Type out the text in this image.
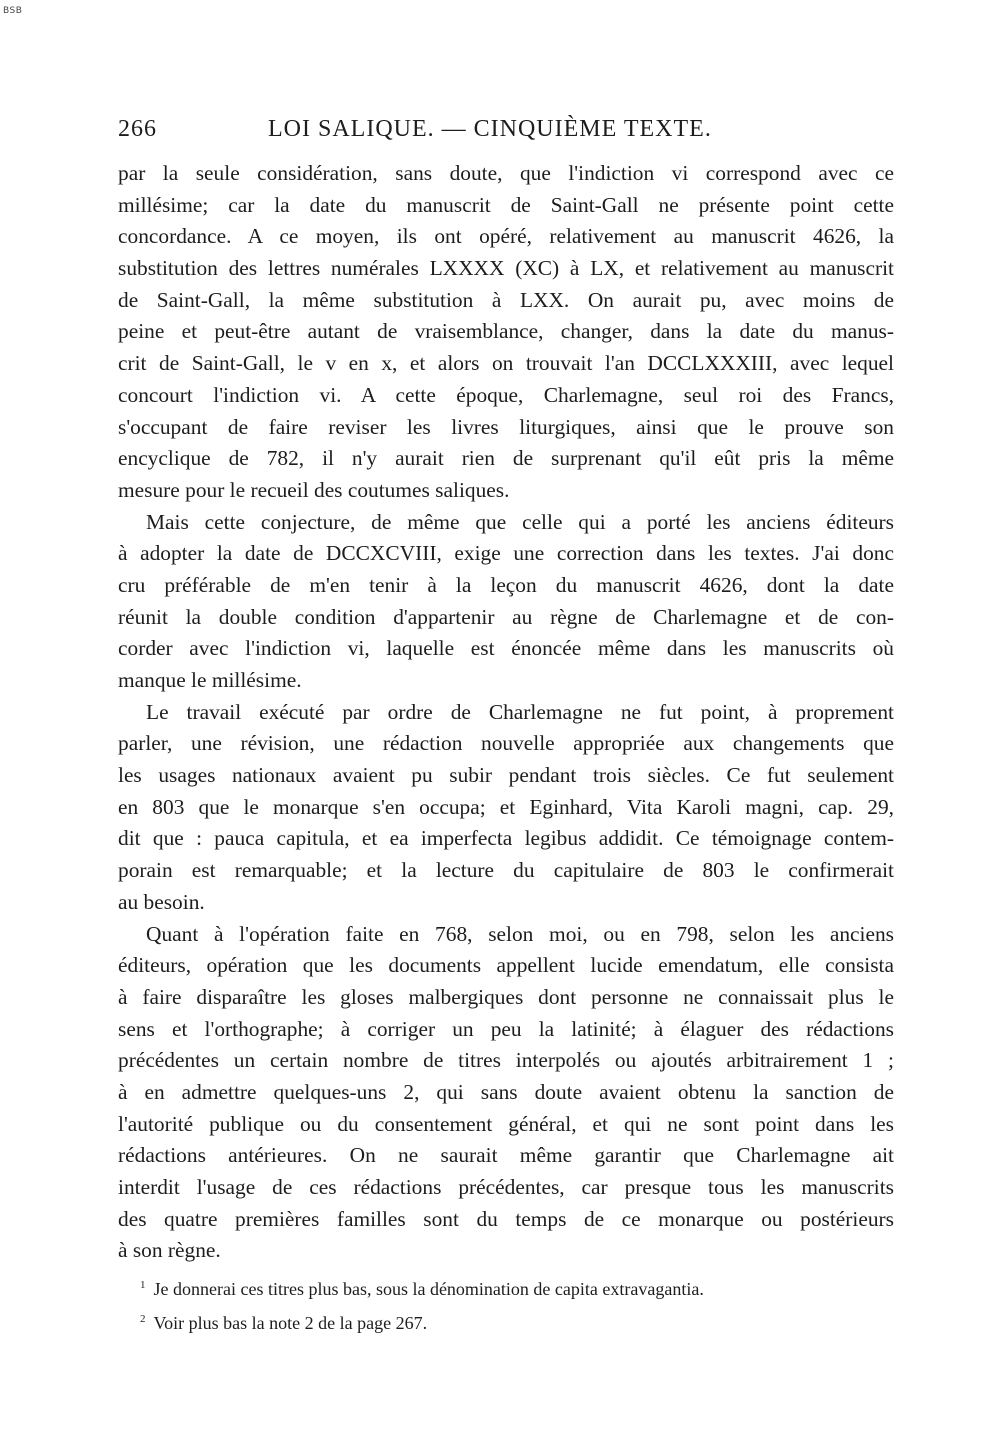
BSB
266	LOI SALIQUE. — CINQUIÈME TEXTE.

par la seule considération, sans doute, que l'indiction vi correspond avec ce
millésime; car la date du manuscrit de Saint-Gall ne présente point cette
concordance. A ce moyen, ils ont opéré, relativement au manuscrit 4626, la
substitution des lettres numérales LXXXX (XC) à LX, et relativement au manuscrit
de Saint-Gall, la même substitution à LXX. On aurait pu, avec moins de
peine et peut-être autant de vraisemblance, changer, dans la date du manus-
crit de Saint-Gall, le v en x, et alors on trouvait l'an DCCLXXXIII, avec lequel
concourt l'indiction vi. A cette époque, Charlemagne, seul roi des Francs,
s'occupant de faire reviser les livres liturgiques, ainsi que le prouve son
encyclique de 782, il n'y aurait rien de surprenant qu'il eût pris la même
mesure pour le recueil des coutumes saliques.

Mais cette conjecture, de même que celle qui a porté les anciens éditeurs
à adopter la date de DCCXCVIII, exige une correction dans les textes. J'ai donc
cru préférable de m'en tenir à la leçon du manuscrit 4626, dont la date
réunit la double condition d'appartenir au règne de Charlemagne et de con-
corder avec l'indiction vi, laquelle est énoncée même dans les manuscrits où
manque le millésime.

Le travail exécuté par ordre de Charlemagne ne fut point, à proprement
parler, une révision, une rédaction nouvelle appropriée aux changements que
les usages nationaux avaient pu subir pendant trois siècles. Ce fut seulement
en 803 que le monarque s'en occupa; et Eginhard, Vita Karoli magni, cap. 29,
dit que : pauca capitula, et ea imperfecta legibus addidit. Ce témoignage contem-
porain est remarquable; et la lecture du capitulaire de 803 le confirmerait
au besoin.

Quant à l'opération faite en 768, selon moi, ou en 798, selon les anciens
éditeurs, opération que les documents appellent lucide emendatum, elle consista
à faire disparaître les gloses malbergiques dont personne ne connaissait plus le
sens et l'orthographe; à corriger un peu la latinité; à élaguer des rédactions
précédentes un certain nombre de titres interpolés ou ajoutés arbitrairement 1 ;
à en admettre quelques-uns 2, qui sans doute avaient obtenu la sanction de
l'autorité publique ou du consentement général, et qui ne sont point dans les
rédactions antérieures. On ne saurait même garantir que Charlemagne ait
interdit l'usage de ces rédactions précédentes, car presque tous les manuscrits
des quatre premières familles sont du temps de ce monarque ou postérieurs
à son règne.

$^1$ Je donnerai ces titres plus bas, sous la dénomination de capita extravagantia.
$^2$ Voir plus bas la note 2 de la page 267.
